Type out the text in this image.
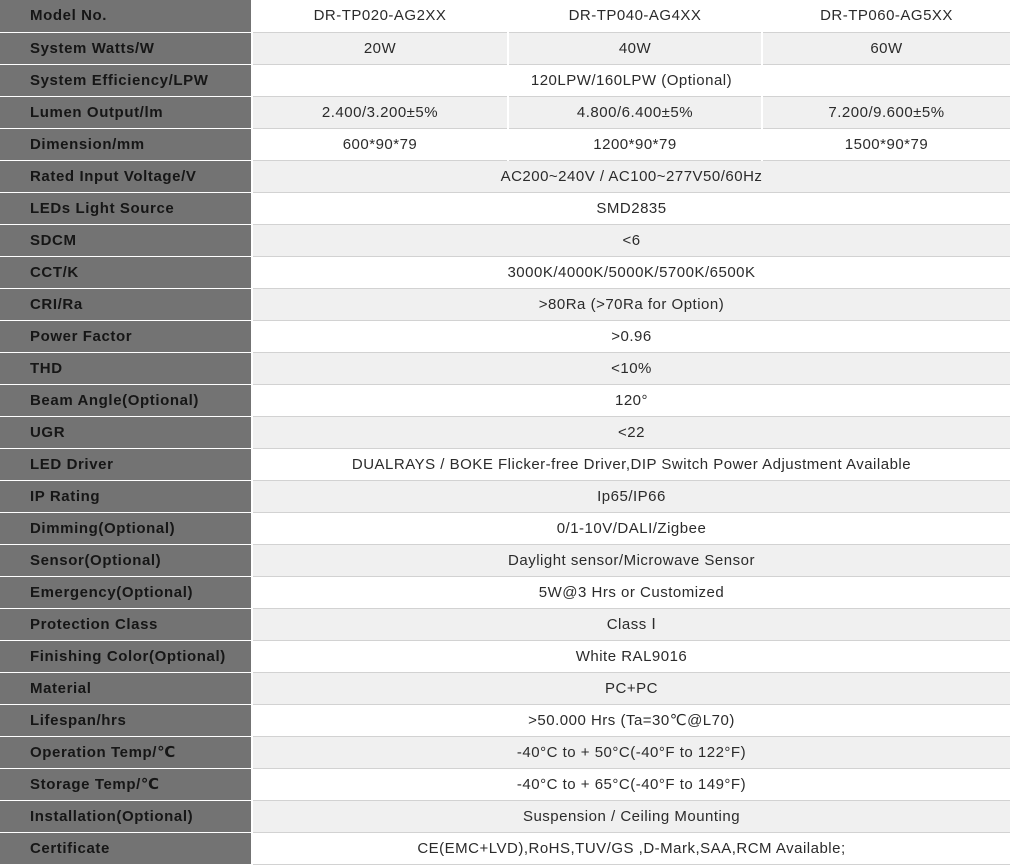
Model No.	DR-TP020-AG2XX	DR-TP040-AG4XX	DR-TP060-AG5XX
System Watts/W	20W	40W	60W
System Efficiency/LPW	120LPW/160LPW (Optional)		
Lumen Output/lm	2.400/3.200±5%	4.800/6.400±5%	7.200/9.600±5%
Dimension/mm	600*90*79	1200*90*79	1500*90*79
Rated Input Voltage/V	AC200~240V / AC100~277V50/60Hz		
LEDs Light Source	SMD2835		
SDCM	<6		
CCT/K	3000K/4000K/5000K/5700K/6500K		
CRI/Ra	>80Ra (>70Ra for Option)		
Power Factor	>0.96		
THD	<10%		
Beam Angle(Optional)	120°		
UGR	<22		
LED Driver	DUALRAYS / BOKE Flicker-free Driver,DIP Switch Power Adjustment Available		
IP Rating	Ip65/IP66		
Dimming(Optional)	0/1-10V/DALI/Zigbee		
Sensor(Optional)	Daylight sensor/Microwave Sensor		
Emergency(Optional)	5W@3 Hrs or Customized		
Protection Class	Class Ⅰ		
Finishing Color(Optional)	White RAL9016		
Material	PC+PC		
Lifespan/hrs	>50.000 Hrs (Ta=30℃@L70)		
Operation Temp/℃	-40°C to + 50°C(-40°F to 122°F)		
Storage Temp/℃	-40°C to + 65°C(-40°F to 149°F)		
Installation(Optional)	Suspension / Ceiling Mounting		
Certificate	CE(EMC+LVD),RoHS,TUV/GS ,D-Mark,SAA,RCM Available;		
